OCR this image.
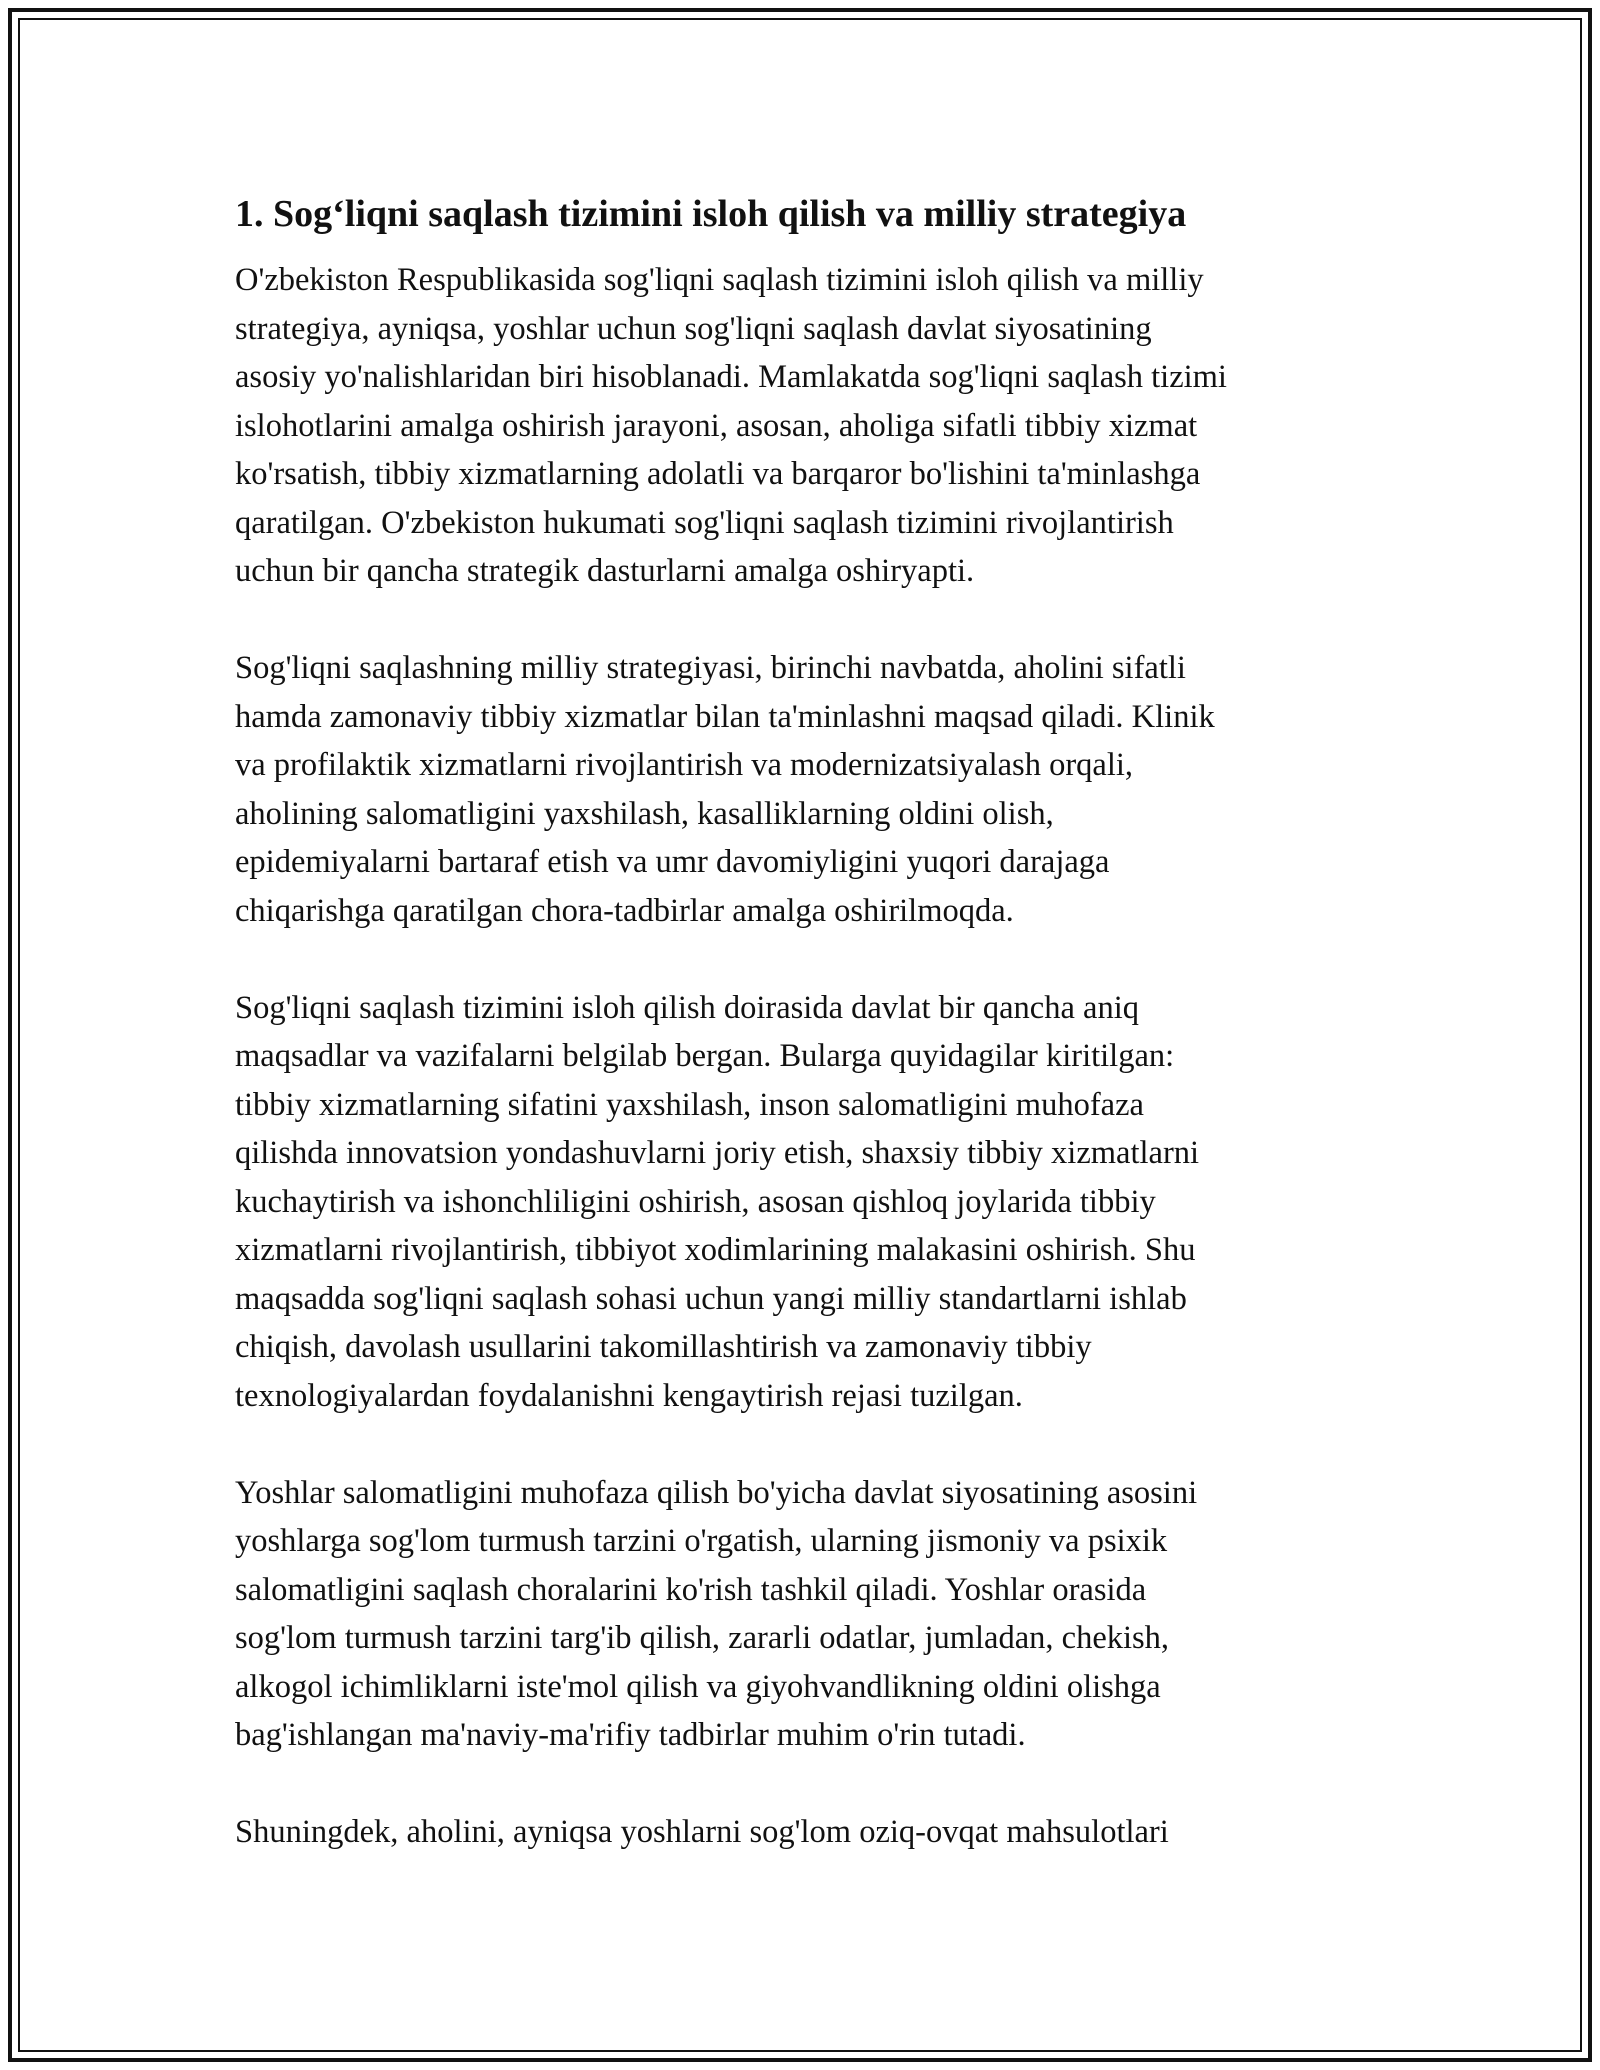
1. Sog‘liqni saqlash tizimini isloh qilish va milliy strategiya
O'zbekiston Respublikasida sog'liqni saqlash tizimini isloh qilish va milliy
strategiya, ayniqsa, yoshlar uchun sog'liqni saqlash davlat siyosatining
asosiy yo'nalishlaridan biri hisoblanadi. Mamlakatda sog'liqni saqlash tizimi
islohotlarini amalga oshirish jarayoni, asosan, aholiga sifatli tibbiy xizmat
ko'rsatish, tibbiy xizmatlarning adolatli va barqaror bo'lishini ta'minlashga
qaratilgan. O'zbekiston hukumati sog'liqni saqlash tizimini rivojlantirish
uchun bir qancha strategik dasturlarni amalga oshiryapti.
Sog'liqni saqlashning milliy strategiyasi, birinchi navbatda, aholini sifatli
hamda zamonaviy tibbiy xizmatlar bilan ta'minlashni maqsad qiladi. Klinik
va profilaktik xizmatlarni rivojlantirish va modernizatsiyalash orqali,
aholining salomatligini yaxshilash, kasalliklarning oldini olish,
epidemiyalarni bartaraf etish va umr davomiyligini yuqori darajaga
chiqarishga qaratilgan chora-tadbirlar amalga oshirilmoqda.
Sog'liqni saqlash tizimini isloh qilish doirasida davlat bir qancha aniq
maqsadlar va vazifalarni belgilab bergan. Bularga quyidagilar kiritilgan:
tibbiy xizmatlarning sifatini yaxshilash, inson salomatligini muhofaza
qilishda innovatsion yondashuvlarni joriy etish, shaxsiy tibbiy xizmatlarni
kuchaytirish va ishonchliligini oshirish, asosan qishloq joylarida tibbiy
xizmatlarni rivojlantirish, tibbiyot xodimlarining malakasini oshirish. Shu
maqsadda sog'liqni saqlash sohasi uchun yangi milliy standartlarni ishlab
chiqish, davolash usullarini takomillashtirish va zamonaviy tibbiy
texnologiyalardan foydalanishni kengaytirish rejasi tuzilgan.
Yoshlar salomatligini muhofaza qilish bo'yicha davlat siyosatining asosini
yoshlarga sog'lom turmush tarzini o'rgatish, ularning jismoniy va psixik
salomatligini saqlash choralarini ko'rish tashkil qiladi. Yoshlar orasida
sog'lom turmush tarzini targ'ib qilish, zararli odatlar, jumladan, chekish,
alkogol ichimliklarni iste'mol qilish va giyohvandlikning oldini olishga
bag'ishlangan ma'naviy-ma'rifiy tadbirlar muhim o'rin tutadi.
Shuningdek, aholini, ayniqsa yoshlarni sog'lom oziq-ovqat mahsulotlari
